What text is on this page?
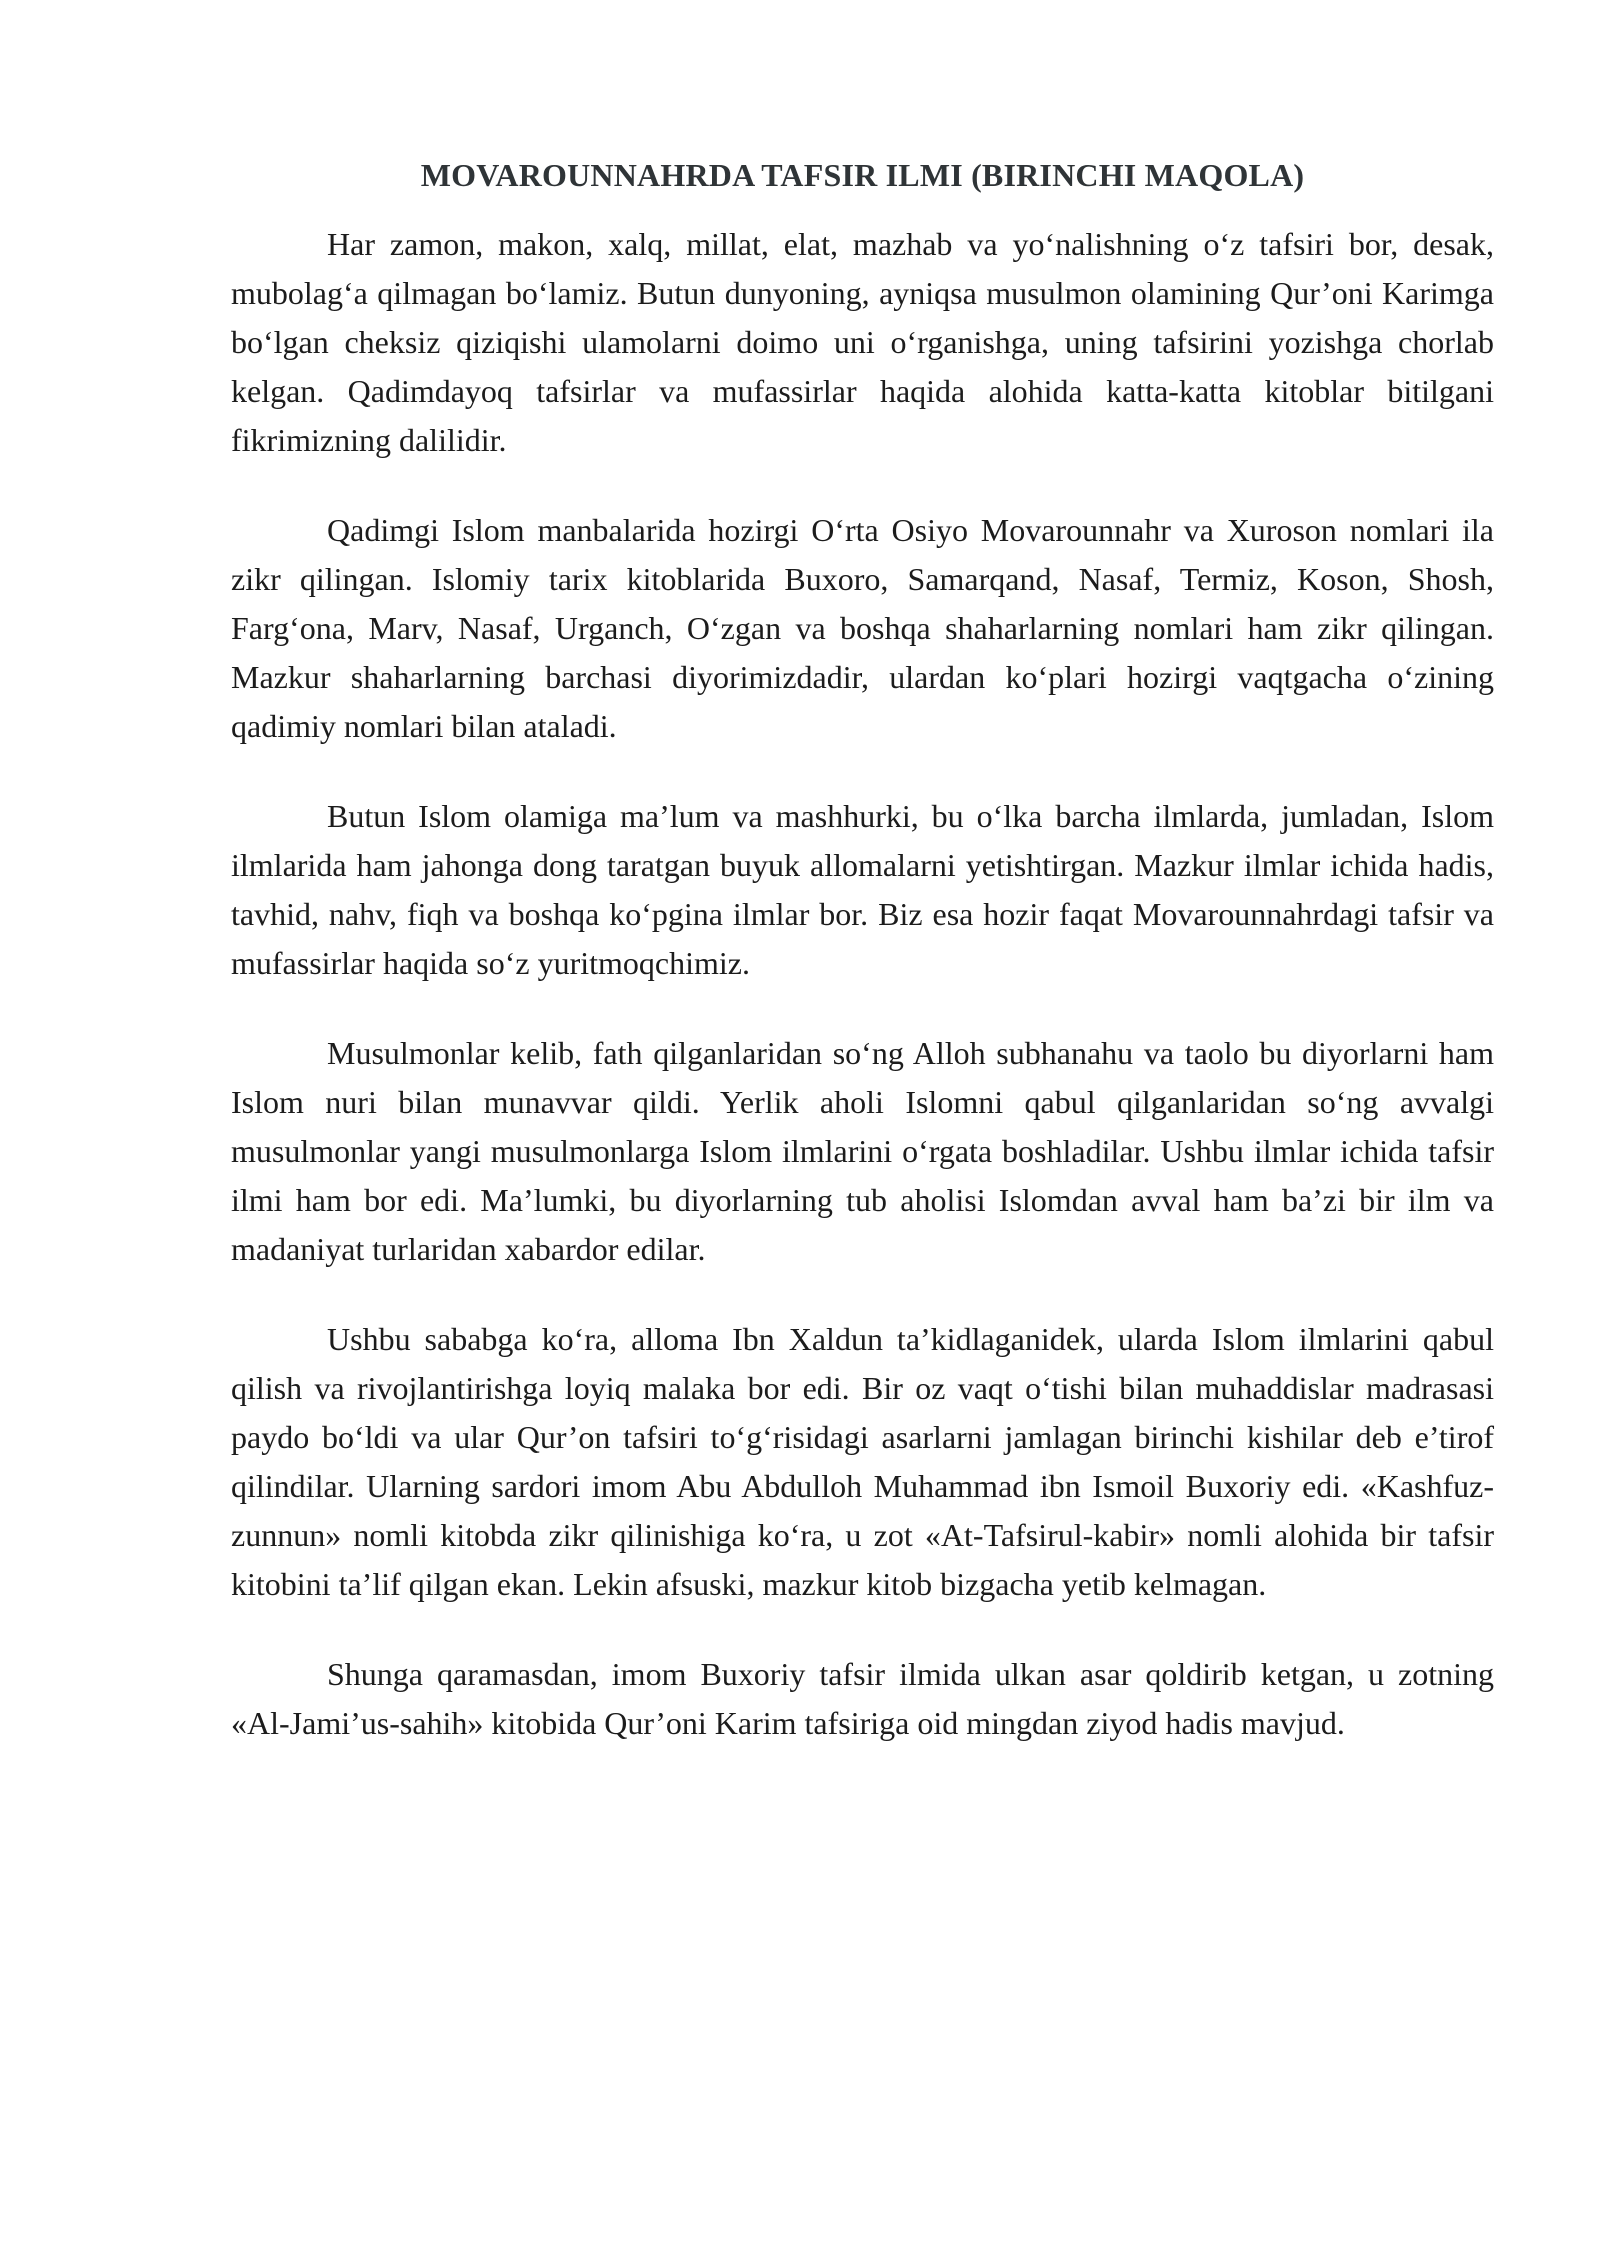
MOVAROUNNAHRDA TAFSIR ILMI (BIRINCHI MAQOLA)

Har zamon, makon, xalq, millat, elat, mazhab va yo‘nalishning o‘z tafsiri bor, desak, mubolag‘a qilmagan bo‘lamiz. Butun dunyoning, ayniqsa musulmon olamining Qur’oni Karimga bo‘lgan cheksiz qiziqishi ulamolarni doimo uni o‘rganishga, uning tafsirini yozishga chorlab kelgan. Qadimdayoq tafsirlar va mufassirlar haqida alohida katta-katta kitoblar bitilgani fikrimizning dalilidir.

Qadimgi Islom manbalarida hozirgi O‘rta Osiyo Movarounnahr va Xuroson nomlari ila zikr qilingan. Islomiy tarix kitoblarida Buxoro, Samarqand, Nasaf, Termiz, Koson, Shosh, Farg‘ona, Marv, Nasaf, Urganch, O‘zgan va boshqa shaharlarning nomlari ham zikr qilingan. Mazkur shaharlarning barchasi diyorimizdadir, ulardan ko‘plari hozirgi vaqtgacha o‘zining qadimiy nomlari bilan ataladi.

Butun Islom olamiga ma’lum va mashhurki, bu o‘lka barcha ilmlarda, jumladan, Islom ilmlarida ham jahonga dong taratgan buyuk allomalarni yetishtirgan. Mazkur ilmlar ichida hadis, tavhid, nahv, fiqh va boshqa ko‘pgina ilmlar bor. Biz esa hozir faqat Movarounnahrdagi tafsir va mufassirlar haqida so‘z yuritmoqchimiz.

Musulmonlar kelib, fath qilganlaridan so‘ng Alloh subhanahu va taolo bu diyorlarni ham Islom nuri bilan munavvar qildi. Yerlik aholi Islomni qabul qilganlaridan so‘ng avvalgi musulmonlar yangi musulmonlarga Islom ilmlarini o‘rgata boshladilar. Ushbu ilmlar ichida tafsir ilmi ham bor edi. Ma’lumki, bu diyorlarning tub aholisi Islomdan avval ham ba’zi bir ilm va madaniyat turlaridan xabardor edilar.

Ushbu sababga ko‘ra, alloma Ibn Xaldun ta’kidlaganidek, ularda Islom ilmlarini qabul qilish va rivojlantirishga loyiq malaka bor edi. Bir oz vaqt o‘tishi bilan muhaddislar madrasasi paydo bo‘ldi va ular Qur’on tafsiri to‘g‘risidagi asarlarni jamlagan birinchi kishilar deb e’tirof qilindilar. Ularning sardori imom Abu Abdulloh Muhammad ibn Ismoil Buxoriy edi. «Kashfuz-zunnun» nomli kitobda zikr qilinishiga ko‘ra, u zot «At-Tafsirul-kabir» nomli alohida bir tafsir kitobini ta’lif qilgan ekan. Lekin afsuski, mazkur kitob bizgacha yetib kelmagan.

Shunga qaramasdan, imom Buxoriy tafsir ilmida ulkan asar qoldirib ketgan, u zotning «Al-Jami’us-sahih» kitobida Qur’oni Karim tafsiriga oid mingdan ziyod hadis mavjud.
